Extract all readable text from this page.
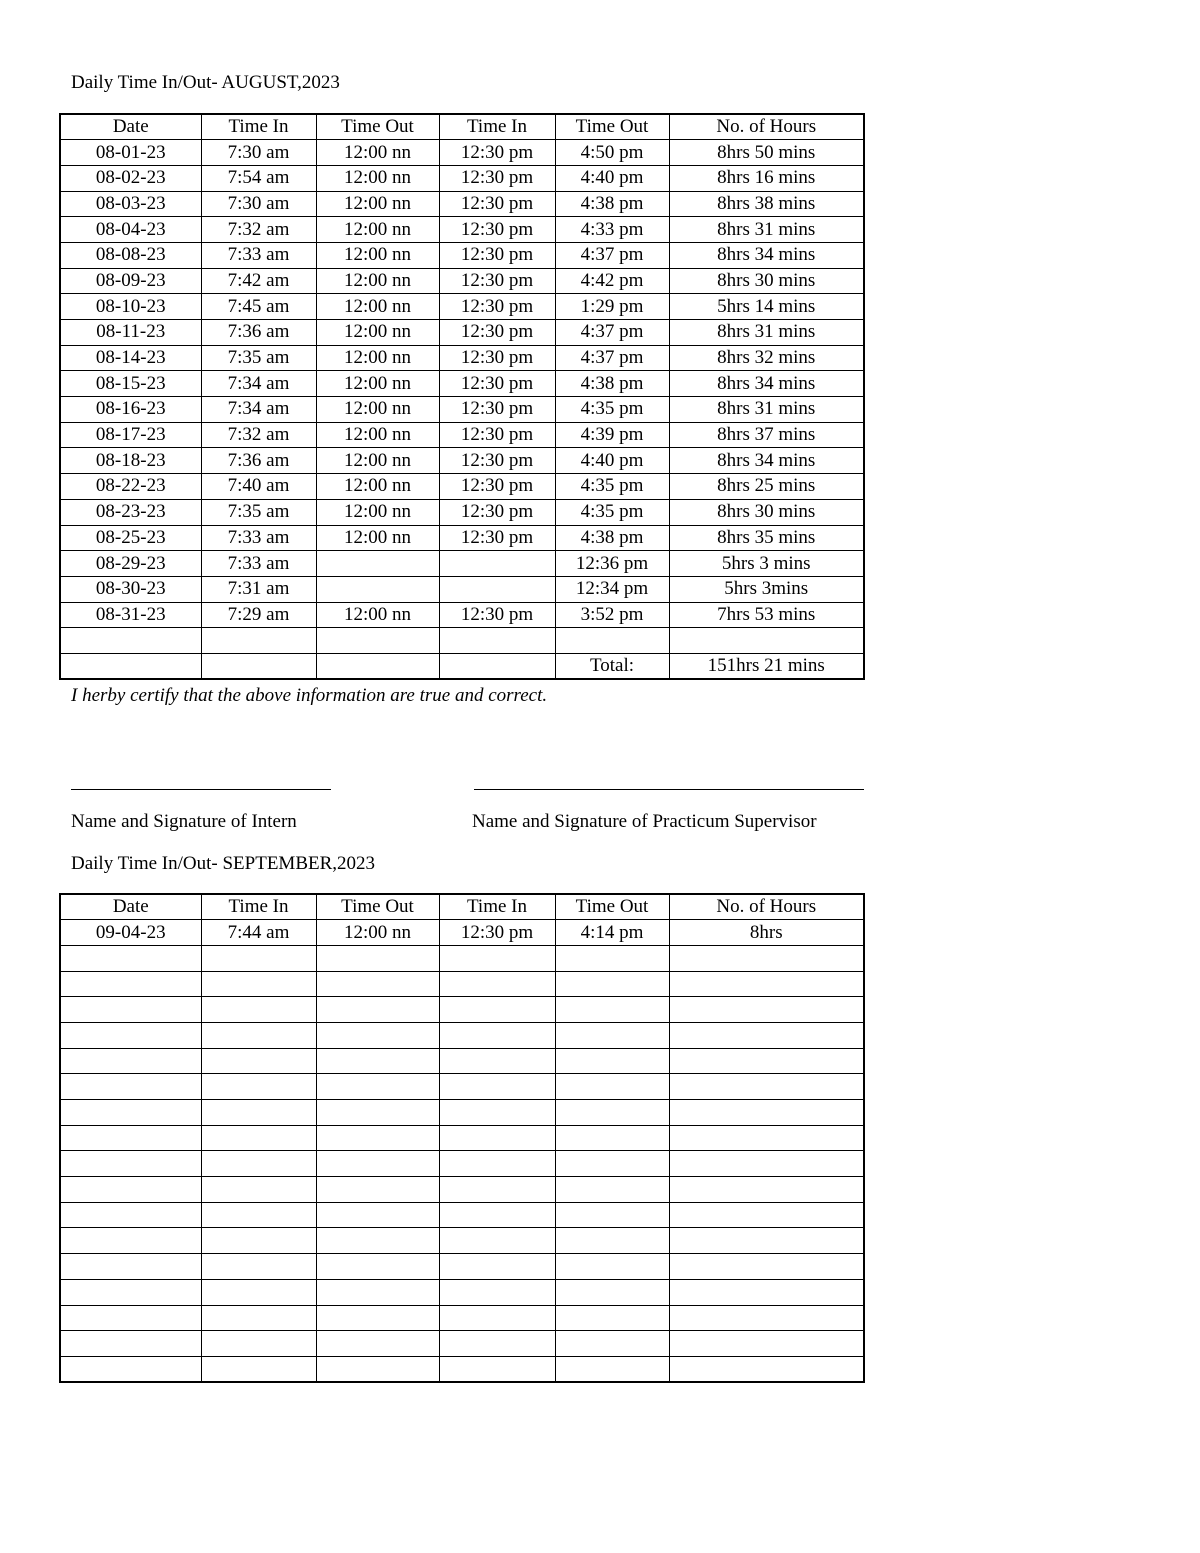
Daily Time In/Out- AUGUST,2023
Date	Time In	Time Out	Time In	Time Out	No. of Hours
08-01-23	7:30 am	12:00 nn	12:30 pm	4:50 pm	8hrs 50 mins
08-02-23	7:54 am	12:00 nn	12:30 pm	4:40 pm	8hrs 16 mins
08-03-23	7:30 am	12:00 nn	12:30 pm	4:38 pm	8hrs 38 mins
08-04-23	7:32 am	12:00 nn	12:30 pm	4:33 pm	8hrs 31 mins
08-08-23	7:33 am	12:00 nn	12:30 pm	4:37 pm	8hrs 34 mins
08-09-23	7:42 am	12:00 nn	12:30 pm	4:42 pm	8hrs 30 mins
08-10-23	7:45 am	12:00 nn	12:30 pm	1:29 pm	5hrs 14 mins
08-11-23	7:36 am	12:00 nn	12:30 pm	4:37 pm	8hrs 31 mins
08-14-23	7:35 am	12:00 nn	12:30 pm	4:37 pm	8hrs 32 mins
08-15-23	7:34 am	12:00 nn	12:30 pm	4:38 pm	8hrs 34 mins
08-16-23	7:34 am	12:00 nn	12:30 pm	4:35 pm	8hrs 31 mins
08-17-23	7:32 am	12:00 nn	12:30 pm	4:39 pm	8hrs 37 mins
08-18-23	7:36 am	12:00 nn	12:30 pm	4:40 pm	8hrs 34 mins
08-22-23	7:40 am	12:00 nn	12:30 pm	4:35 pm	8hrs 25 mins
08-23-23	7:35 am	12:00 nn	12:30 pm	4:35 pm	8hrs 30 mins
08-25-23	7:33 am	12:00 nn	12:30 pm	4:38 pm	8hrs 35 mins
08-29-23	7:33 am			12:36 pm	5hrs 3 mins
08-30-23	7:31 am			12:34 pm	5hrs 3mins
08-31-23	7:29 am	12:00 nn	12:30 pm	3:52 pm	7hrs 53 mins

				Total:	151hrs 21 mins
I herby certify that the above information are true and correct.
Name and Signature of Intern	Name and Signature of Practicum Supervisor
Daily Time In/Out- SEPTEMBER,2023
Date	Time In	Time Out	Time In	Time Out	No. of Hours
09-04-23	7:44 am	12:00 nn	12:30 pm	4:14 pm	8hrs
